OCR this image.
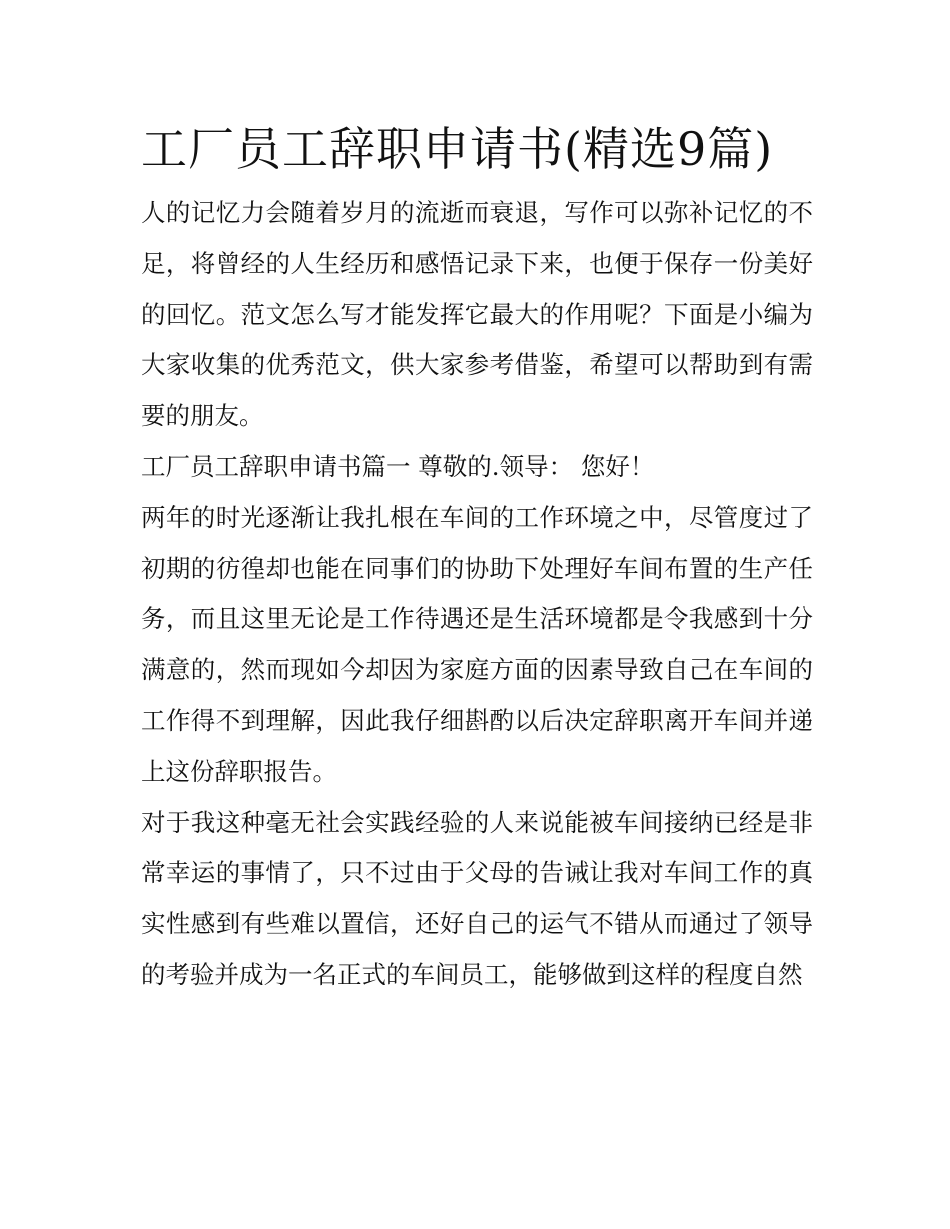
工厂员工辞职申请书(精选9篇)

人的记忆力会随着岁月的流逝而衰退，写作可以弥补记忆的不足，将曾经的人生经历和感悟记录下来，也便于保存一份美好的回忆。范文怎么写才能发挥它最大的作用呢？下面是小编为大家收集的优秀范文，供大家参考借鉴，希望可以帮助到有需要的朋友。

工厂员工辞职申请书篇一 尊敬的.领导： 您好！

两年的时光逐渐让我扎根在车间的工作环境之中，尽管度过了初期的彷徨却也能在同事们的协助下处理好车间布置的生产任务，而且这里无论是工作待遇还是生活环境都是令我感到十分满意的，然而现如今却因为家庭方面的因素导致自己在车间的工作得不到理解，因此我仔细斟酌以后决定辞职离开车间并递上这份辞职报告。

对于我这种毫无社会实践经验的人来说能被车间接纳已经是非常幸运的事情了，只不过由于父母的告诫让我对车间工作的真实性感到有些难以置信，还好自己的运气不错从而通过了领导的考验并成为一名正式的车间员工，能够做到这样的程度自然
